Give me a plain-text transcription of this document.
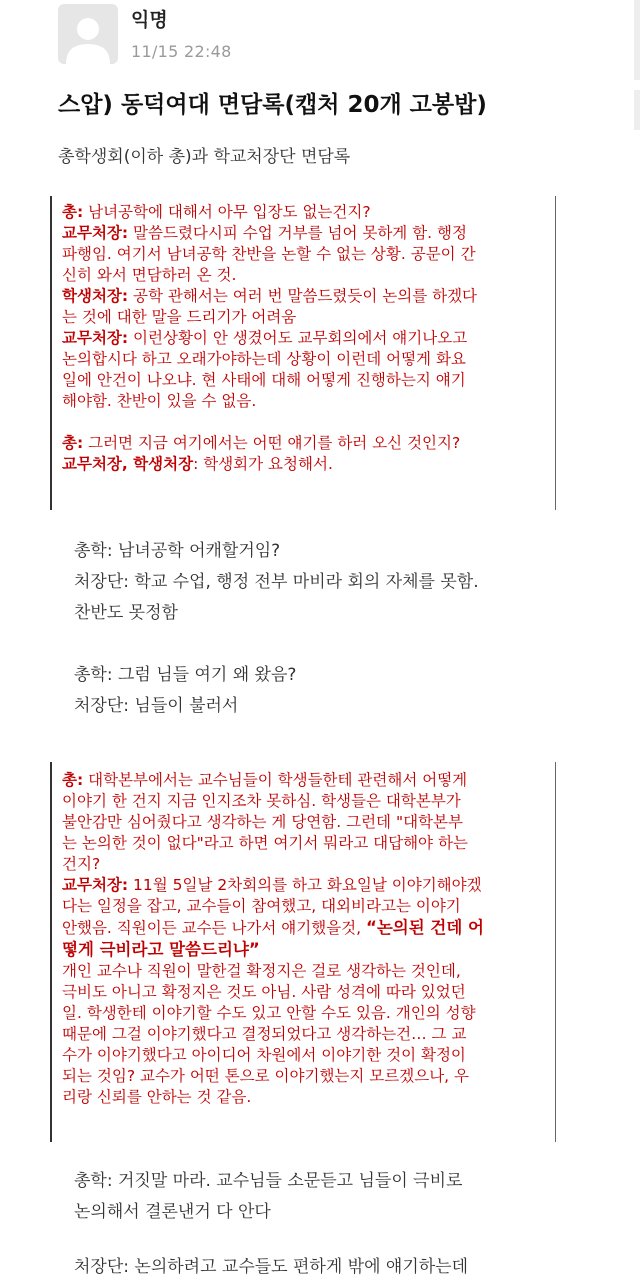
익명
11/15 22:48
스압) 동덕여대 면담록(캡처 20개 고봉밥)
총학생회(이하 총)과 학교처장단 면담록

총: 남녀공학에 대해서 아무 입장도 없는건지?

교무처장: 말씀드렸다시피 수업 거부를 넘어 못하게 함. 행정

파행임. 여기서 남녀공학 찬반을 논할 수 없는 상황. 공문이 간

신히 와서 면담하러 온 것.

학생처장: 공학 관해서는 여러 번 말씀드렸듯이 논의를 하겠다

는 것에 대한 말을 드리기가 어려움

교무처장: 이런상황이 안 생겼어도 교무회의에서 얘기나오고

논의합시다 하고 오래가야하는데 상황이 이런데 어떻게 화요

일에 안건이 나오냐. 현 사태에 대해 어떻게 진행하는지 얘기

해야함. 찬반이 있을 수 없음.

총: 그러면 지금 여기에서는 어떤 얘기를 하러 오신 것인지?

교무처장, 학생처장: 학생회가 요청해서.

총학: 남녀공학 어캐할거임?

처장단: 학교 수업, 행정 전부 마비라 회의 자체를 못함.

찬반도 못정함

총학: 그럼 님들 여기 왜 왔음?

처장단: 님들이 불러서

총: 대학본부에서는 교수님들이 학생들한테 관련해서 어떻게

이야기 한 건지 지금 인지조차 못하심. 학생들은 대학본부가

불안감만 심어줬다고 생각하는 게 당연함. 그런데 "대학본부

는 논의한 것이 없다"라고 하면 여기서 뭐라고 대답해야 하는

건지?

교무처장: 11월 5일날 2차회의를 하고 화요일날 이야기해야겠

다는 일정을 잡고, 교수들이 참여했고, 대외비라고는 이야기

안했음. 직원이든 교수든 나가서 얘기했을것, “논의된 건데 어

떻게 극비라고 말씀드리냐”

개인 교수나 직원이 말한걸 확정지은 걸로 생각하는 것인데,

극비도 아니고 확정지은 것도 아님. 사람 성격에 따라 있었던

일. 학생한테 이야기할 수도 있고 안할 수도 있음. 개인의 성향

때문에 그걸 이야기했다고 결정되었다고 생각하는건… 그 교

수가 이야기했다고 아이디어 차원에서 이야기한 것이 확정이

되는 것임? 교수가 어떤 톤으로 이야기했는지 모르겠으나, 우

리랑 신뢰를 안하는 것 같음.

총학: 거짓말 마라. 교수님들 소문듣고 님들이 극비로

논의해서 결론낸거 다 안다

처장단: 논의하려고 교수들도 편하게 밖에 얘기하는데
